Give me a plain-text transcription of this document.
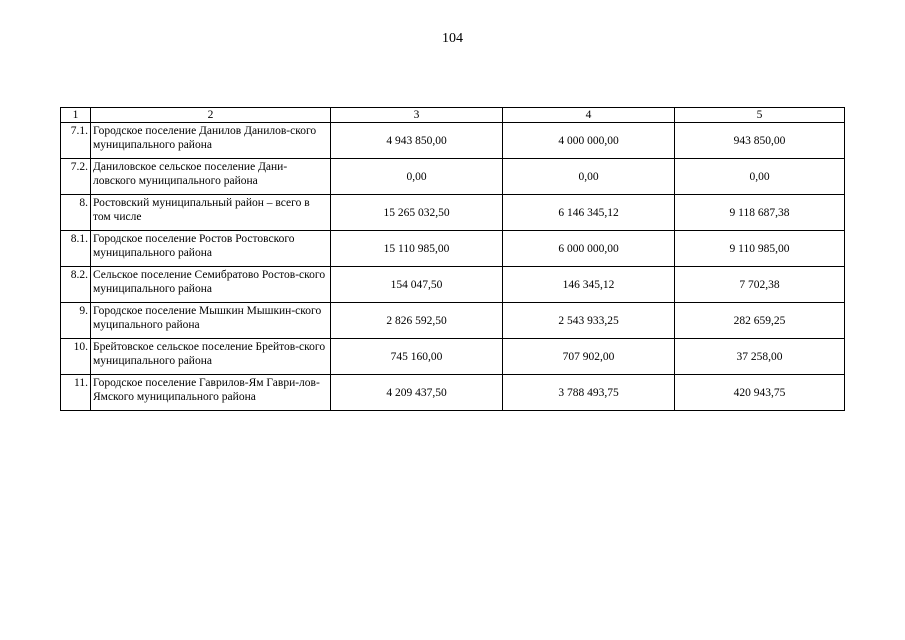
104
1	2	3	4	5
7.1.	Городское поселение Данилов Данилов-ского муниципального района	4 943 850,00	4 000 000,00	943 850,00
7.2.	Даниловское сельское поселение Дани-ловского муниципального района	0,00	0,00	0,00
8.	Ростовский муниципальный район – всего в том числе	15 265 032,50	6 146 345,12	9 118 687,38
8.1.	Городское поселение Ростов Ростовского муниципального района	15 110 985,00	6 000 000,00	9 110 985,00
8.2.	Сельское поселение Семибратово Ростов-ского муниципального района	154 047,50	146 345,12	7 702,38
9.	Городское поселение Мышкин Мышкин-ского муципального района	2 826 592,50	2 543 933,25	282 659,25
10.	Брейтовское сельское поселение Брейтов-ского муниципального района	745 160,00	707 902,00	37 258,00
11.	Городское поселение Гаврилов-Ям Гаври-лов-Ямского муниципального района	4 209 437,50	3 788 493,75	420 943,75
